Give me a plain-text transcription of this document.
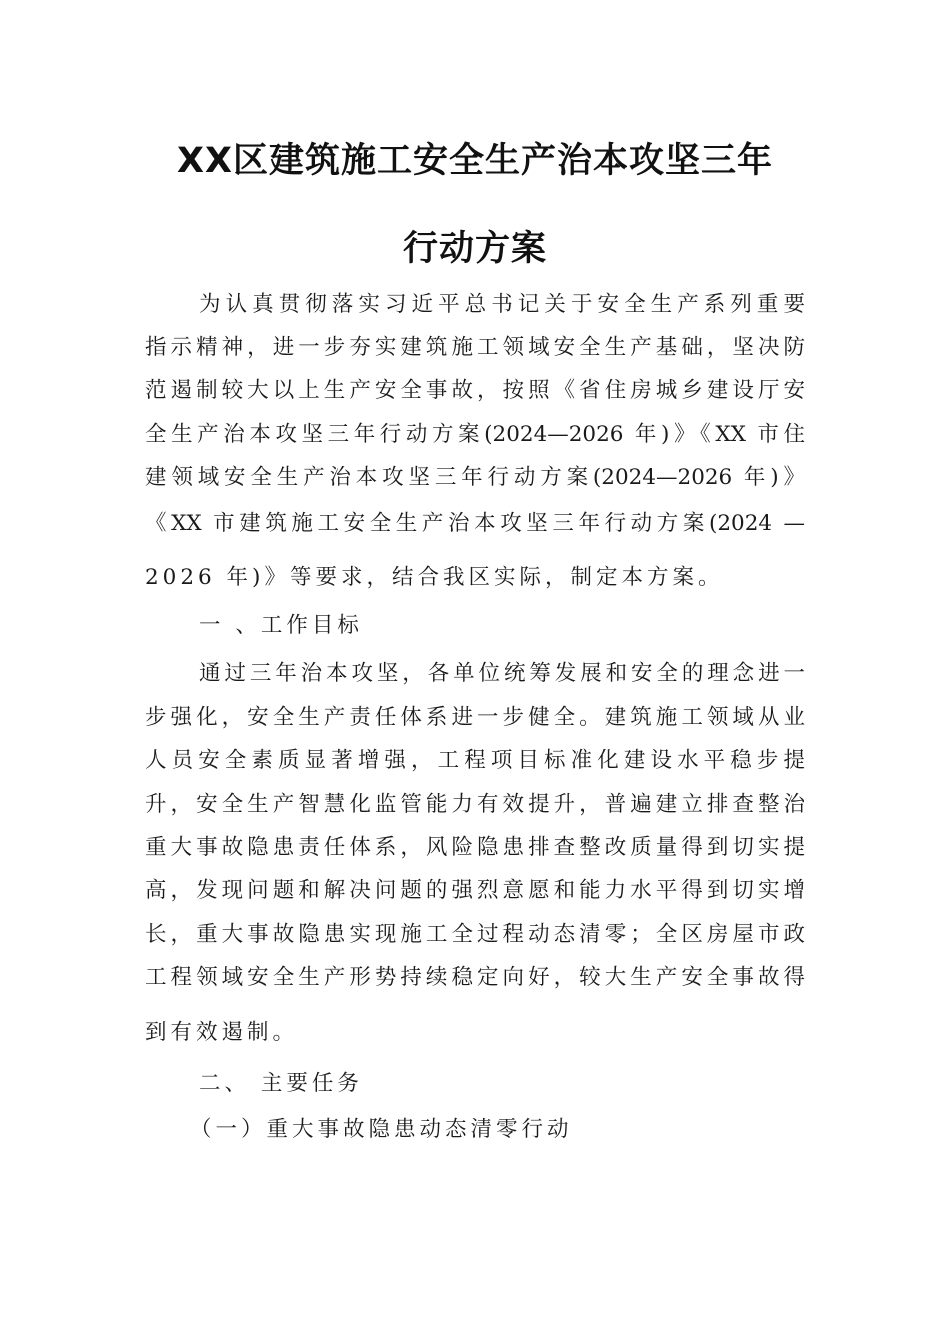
XX区建筑施工安全生产治本攻坚三年
行动方案
为认真贯彻落实习近平总书记关于安全生产系列重要
指示精神，进一步夯实建筑施工领域安全生产基础，坚决防
范遏制较大以上生产安全事故，按照《省住房城乡建设厅安
全生产治本攻坚三年行动方案(2024—2026 年)》《XX 市住
建领域安全生产治本攻坚三年行动方案(2024—2026 年)》
《XX 市建筑施工安全生产治本攻坚三年行动方案(2024 —
2026 年)》等要求，结合我区实际，制定本方案。
一 、工作目标
通过三年治本攻坚，各单位统筹发展和安全的理念进一
步强化，安全生产责任体系进一步健全。建筑施工领域从业
人员安全素质显著增强，工程项目标准化建设水平稳步提
升，安全生产智慧化监管能力有效提升，普遍建立排查整治
重大事故隐患责任体系，风险隐患排查整改质量得到切实提
高，发现问题和解决问题的强烈意愿和能力水平得到切实增
长，重大事故隐患实现施工全过程动态清零；全区房屋市政
工程领域安全生产形势持续稳定向好，较大生产安全事故得
到有效遏制。
二、 主要任务
（一）重大事故隐患动态清零行动
